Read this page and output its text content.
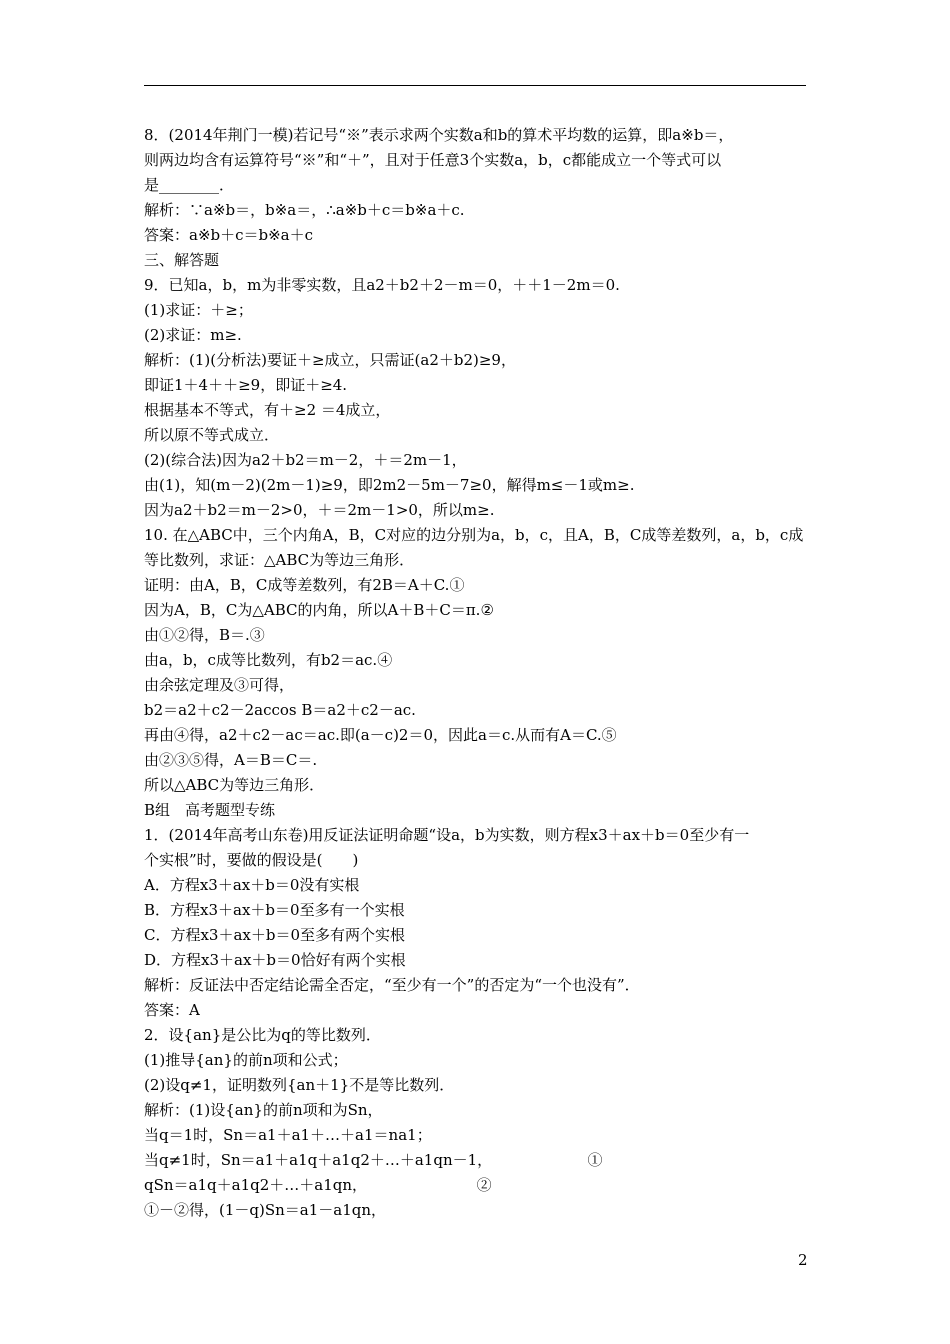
8．(2014年荆门一模)若记号“※”表示求两个实数a和b的算术平均数的运算，即a※b＝，
则两边均含有运算符号“※”和“＋”，且对于任意3个实数a，b，c都能成立一个等式可以
是________．
解析：∵a※b＝，b※a＝，∴a※b＋c＝b※a＋c.
答案：a※b＋c＝b※a＋c
三、解答题
9．已知a，b，m为非零实数，且a2＋b2＋2－m＝0，＋＋1－2m＝0.
(1)求证：＋≥；
(2)求证：m≥.
解析：(1)(分析法)要证＋≥成立，只需证(a2＋b2)≥9，
即证1＋4＋＋≥9，即证＋≥4.
根据基本不等式，有＋≥2 ＝4成立，
所以原不等式成立．
(2)(综合法)因为a2＋b2＝m－2，＋＝2m－1，
由(1)，知(m－2)(2m－1)≥9，即2m2－5m－7≥0，解得m≤－1或m≥.
因为a2＋b2＝m－2>0，＋＝2m－1>0，所以m≥.
10. 在△ABC中，三个内角A，B，C对应的边分别为a，b，c，且A，B，C成等差数列，a，b，c成
等比数列，求证：△ABC为等边三角形．
证明：由A，B，C成等差数列，有2B＝A＋C.①
因为A，B，C为△ABC的内角，所以A＋B＋C＝π.②
由①②得，B＝.③
由a，b，c成等比数列，有b2＝ac.④
由余弦定理及③可得，
b2＝a2＋c2－2accos B＝a2＋c2－ac.
再由④得，a2＋c2－ac＝ac.即(a－c)2＝0，因此a＝c.从而有A＝C.⑤
由②③⑤得，A＝B＝C＝.
所以△ABC为等边三角形．
B组　高考题型专练
1．(2014年高考山东卷)用反证法证明命题“设a，b为实数，则方程x3＋ax＋b＝0至少有一
个实根”时，要做的假设是(　　)
A．方程x3＋ax＋b＝0没有实根
B．方程x3＋ax＋b＝0至多有一个实根
C．方程x3＋ax＋b＝0至多有两个实根
D．方程x3＋ax＋b＝0恰好有两个实根
解析：反证法中否定结论需全否定，“至少有一个”的否定为“一个也没有”．
答案：A
2．设{an}是公比为q的等比数列．
(1)推导{an}的前n项和公式；
(2)设q≠1，证明数列{an＋1}不是等比数列．
解析：(1)设{an}的前n项和为Sn，
当q＝1时，Sn＝a1＋a1＋…＋a1＝na1；
当q≠1时，Sn＝a1＋a1q＋a1q2＋…＋a1qn－1，                    ①
qSn＝a1q＋a1q2＋…＋a1qn，                       ②
①－②得，(1－q)Sn＝a1－a1qn，
2
